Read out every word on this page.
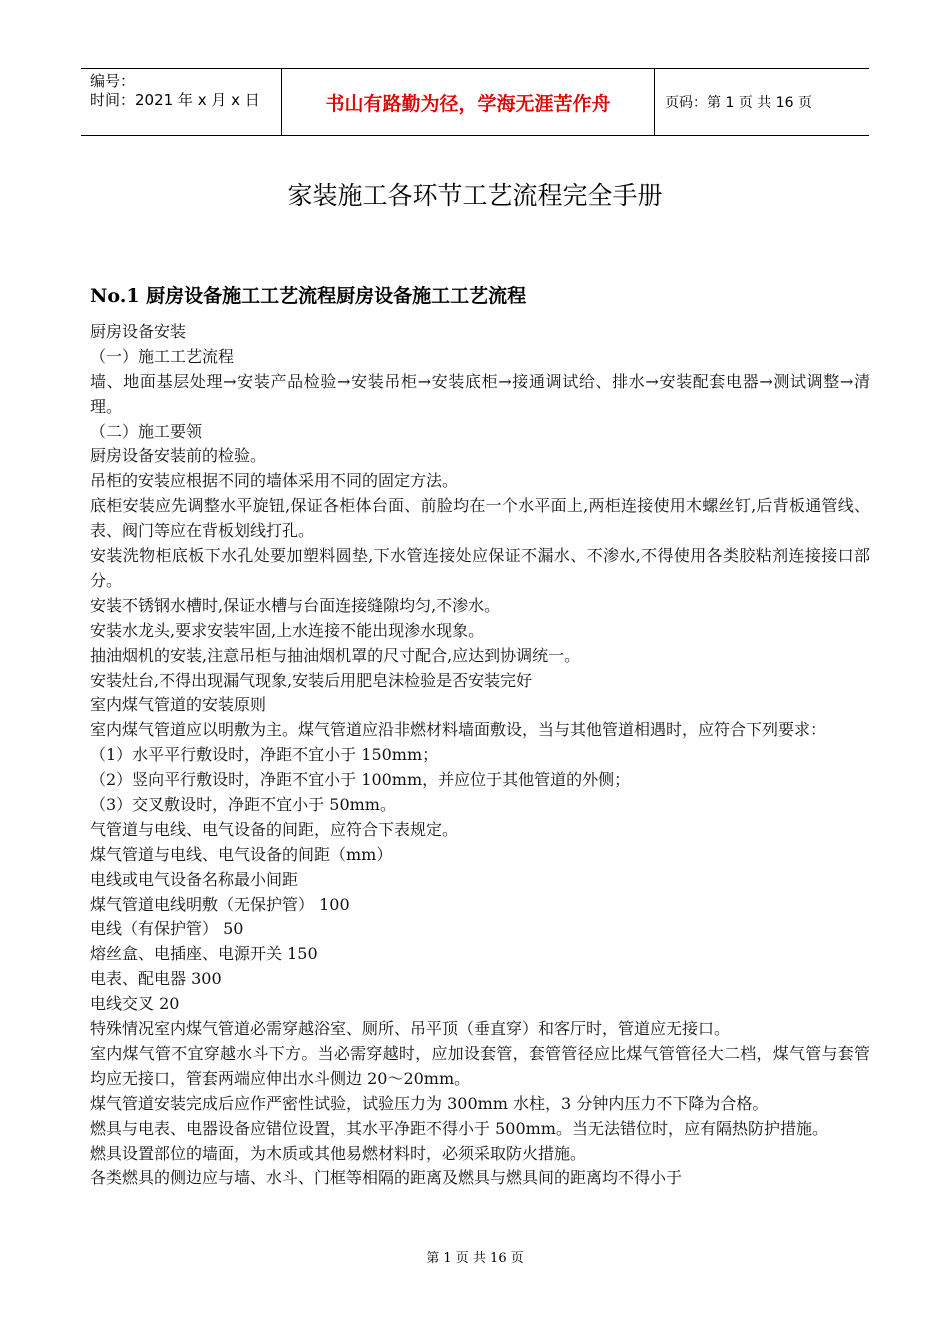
编号：
时间：2021 年 x 月 x 日	书山有路勤为径，学海无涯苦作舟	页码：第 1 页 共 16 页
家装施工各环节工艺流程完全手册
No.1 厨房设备施工工艺流程厨房设备施工工艺流程
厨房设备安装
（一）施工工艺流程
墙、地面基层处理→安装产品检验→安装吊柜→安装底柜→接通调试给、排水→安装配套电器→测试调整→清理。
（二）施工要领
厨房设备安装前的检验。
吊柜的安装应根据不同的墙体采用不同的固定方法。
底柜安装应先调整水平旋钮,保证各柜体台面、前脸均在一个水平面上,两柜连接使用木螺丝钉,后背板通管线、表、阀门等应在背板划线打孔。
安装洗物柜底板下水孔处要加塑料圆垫,下水管连接处应保证不漏水、不渗水,不得使用各类胶粘剂连接接口部分。
安装不锈钢水槽时,保证水槽与台面连接缝隙均匀,不渗水。
安装水龙头,要求安装牢固,上水连接不能出现渗水现象。
抽油烟机的安装,注意吊柜与抽油烟机罩的尺寸配合,应达到协调统一。
安装灶台,不得出现漏气现象,安装后用肥皂沫检验是否安装完好
室内煤气管道的安装原则
室内煤气管道应以明敷为主。煤气管道应沿非燃材料墙面敷设，当与其他管道相遇时，应符合下列要求：
（1）水平平行敷设时，净距不宜小于 150mm；
（2）竖向平行敷设时，净距不宜小于 100mm，并应位于其他管道的外侧；
（3）交叉敷设时，净距不宜小于 50mm。
气管道与电线、电气设备的间距，应符合下表规定。
煤气管道与电线、电气设备的间距（mm）
电线或电气设备名称最小间距
煤气管道电线明敷（无保护管） 100
电线（有保护管） 50
熔丝盒、电插座、电源开关 150
电表、配电器 300
电线交叉 20
特殊情况室内煤气管道必需穿越浴室、厕所、吊平顶（垂直穿）和客厅时，管道应无接口。
室内煤气管不宜穿越水斗下方。当必需穿越时，应加设套管，套管管径应比煤气管管径大二档，煤气管与套管均应无接口，管套两端应伸出水斗侧边 20～20mm。
煤气管道安装完成后应作严密性试验，试验压力为 300mm 水柱，3 分钟内压力不下降为合格。
燃具与电表、电器设备应错位设置，其水平净距不得小于 500mm。当无法错位时，应有隔热防护措施。
燃具设置部位的墙面，为木质或其他易燃材料时，必须采取防火措施。
各类燃具的侧边应与墙、水斗、门框等相隔的距离及燃具与燃具间的距离均不得小于
第 1 页 共 16 页
